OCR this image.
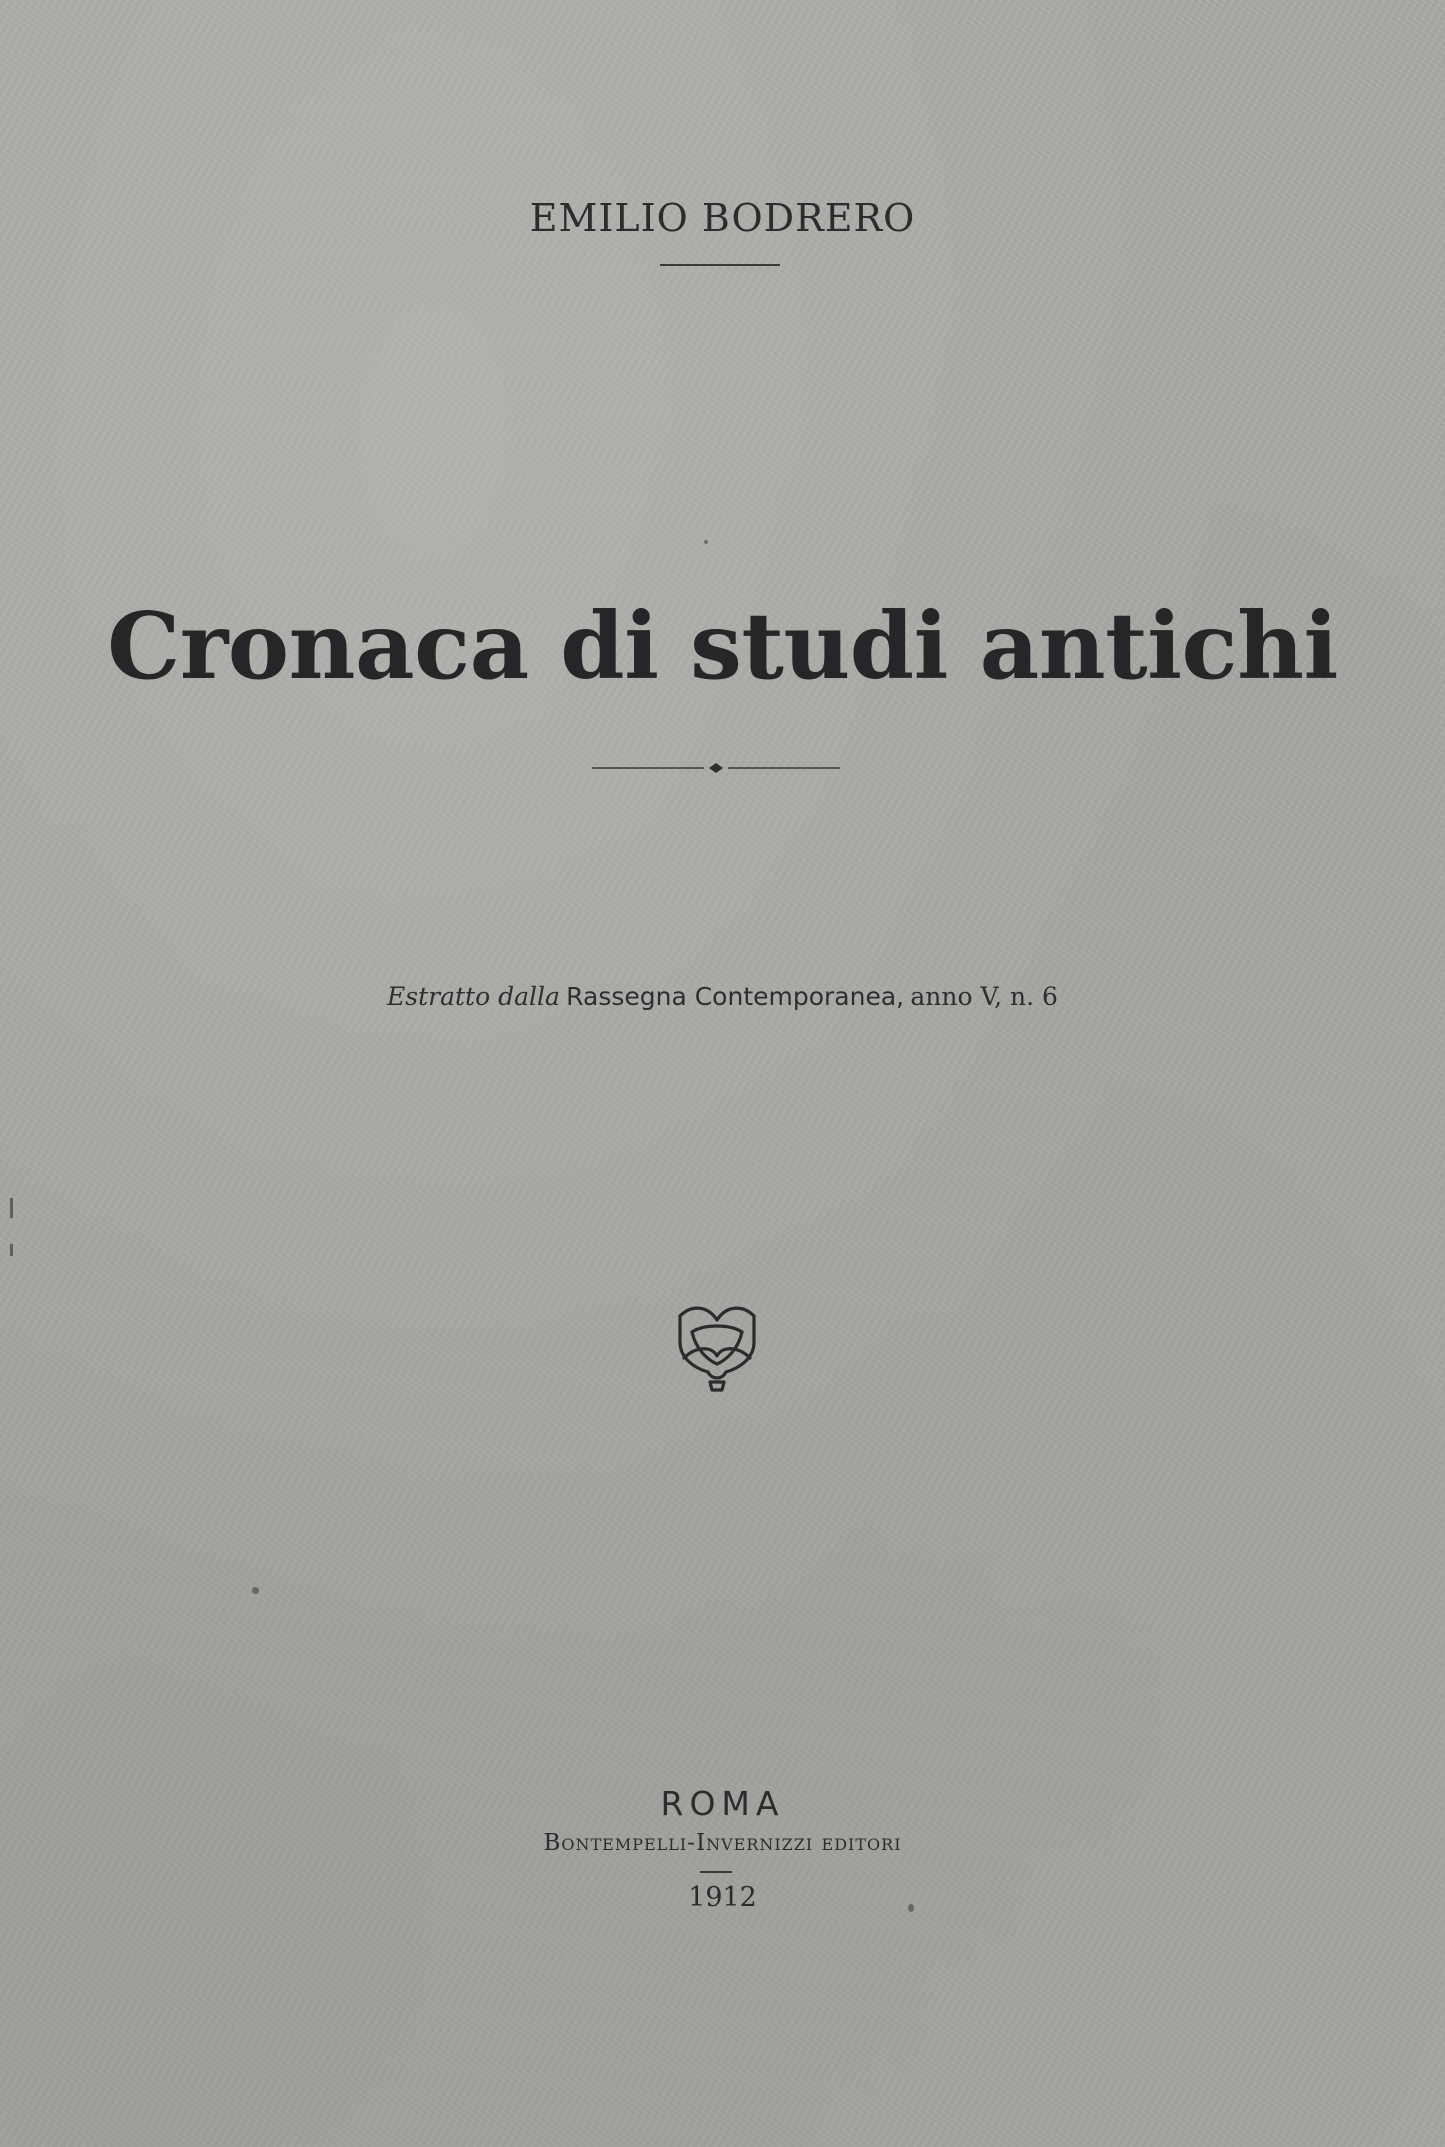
EMILIO BODRERO
Cronaca di studi antichi
Estratto dalla Rassegna Contemporanea, anno V, n. 6
ROMA
Bontempelli-Invernizzi editori
1912
